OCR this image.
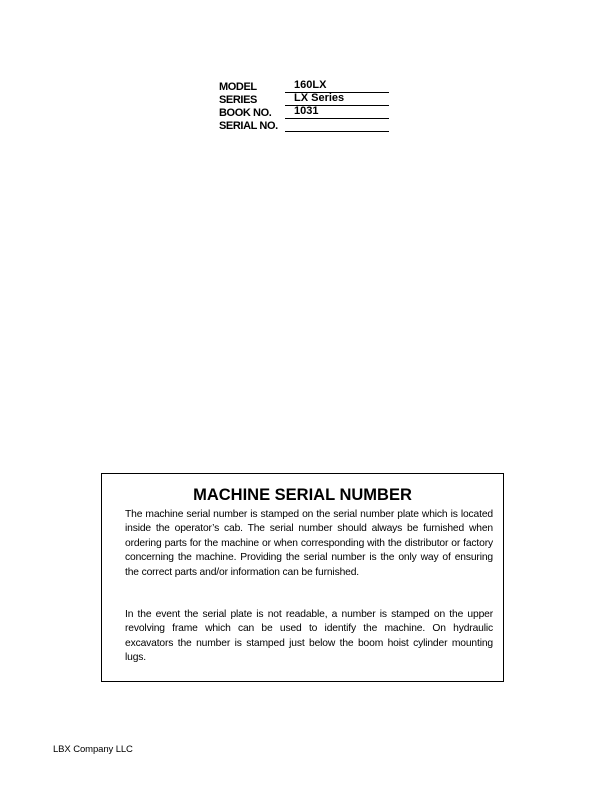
MODEL	160LX
SERIES	LX Series
BOOK NO.	1031
SERIAL NO.
MACHINE SERIAL NUMBER

The machine serial number is stamped on the serial number plate which is located inside the operator’s cab. The serial number should always be furnished when ordering parts for the machine or when corresponding with the distributor or factory concerning the machine. Providing the serial number is the only way of ensuring the correct parts and/or information can be furnished.

In the event the serial plate is not readable, a number is stamped on the upper revolving frame which can be used to identify the machine. On hydraulic excavators the number is stamped just below the boom hoist cylinder mounting lugs.

LBX Company LLC
